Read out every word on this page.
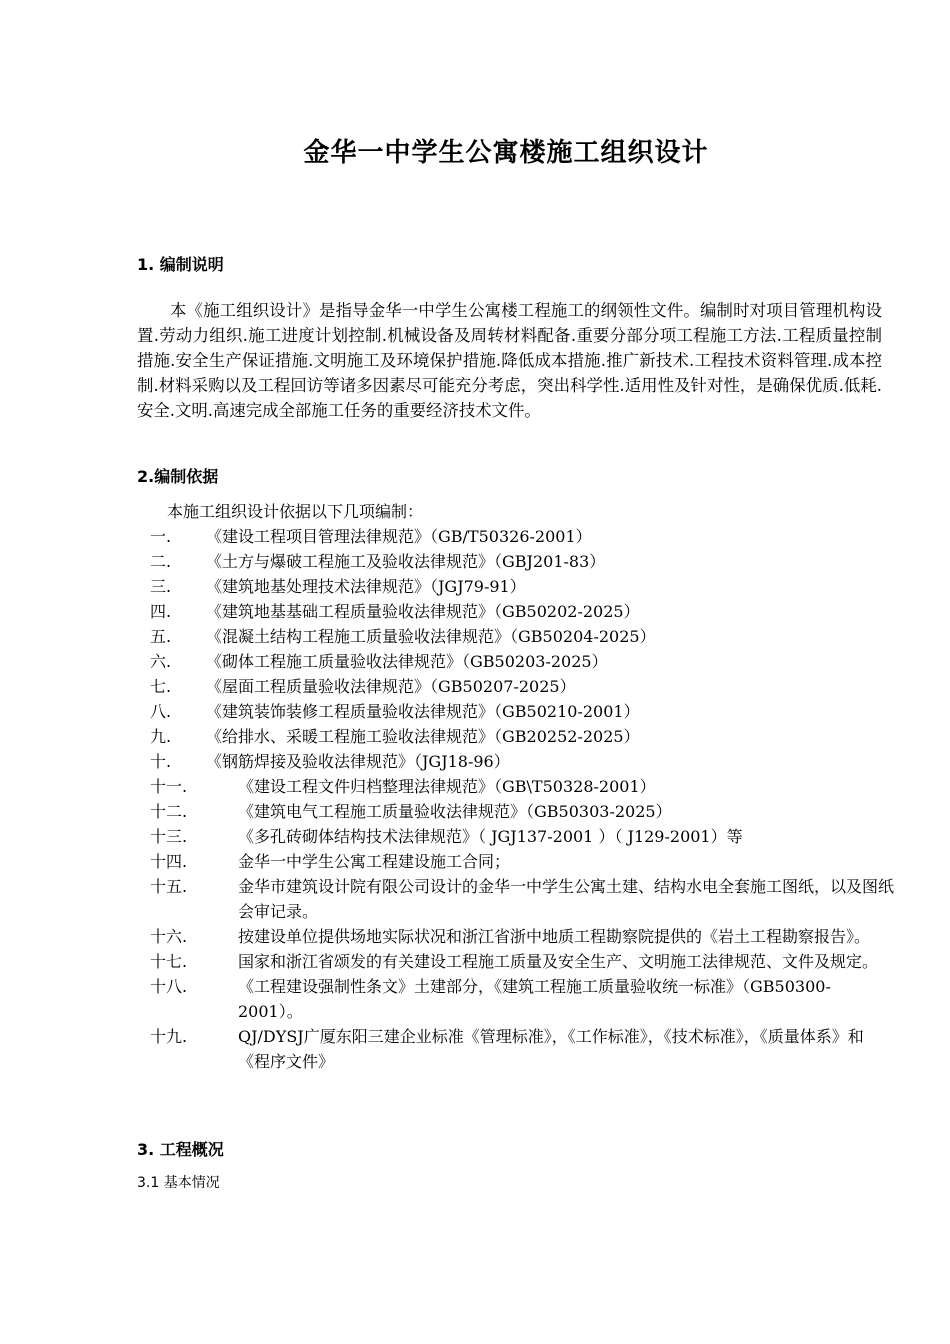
金华一中学生公寓楼施工组织设计
1. 编制说明
本《施工组织设计》是指导金华一中学生公寓楼工程施工的纲领性文件。编制时对项目管理机构设置.劳动力组织.施工进度计划控制.机械设备及周转材料配备.重要分部分项工程施工方法.工程质量控制措施.安全生产保证措施.文明施工及环境保护措施.降低成本措施.推广新技术.工程技术资料管理.成本控制.材料采购以及工程回访等诸多因素尽可能充分考虑，突出科学性.适用性及针对性，是确保优质.低耗.安全.文明.高速完成全部施工任务的重要经济技术文件。
2.编制依据
本施工组织设计依据以下几项编制：
一.	《建设工程项目管理法律规范》（GB/T50326-2001）
二.	《土方与爆破工程施工及验收法律规范》（GBJ201-83）
三.	《建筑地基处理技术法律规范》（JGJ79-91）
四.	《建筑地基基础工程质量验收法律规范》（GB50202-2025）
五.	《混凝土结构工程施工质量验收法律规范》（GB50204-2025）
六.	《砌体工程施工质量验收法律规范》（GB50203-2025）
七.	《屋面工程质量验收法律规范》（GB50207-2025）
八.	《建筑装饰装修工程质量验收法律规范》（GB50210-2001）
九.	《给排水、采暖工程施工验收法律规范》（GB20252-2025）
十.	《钢筋焊接及验收法律规范》（JGJ18-96）
十一.	《建设工程文件归档整理法律规范》（GB\T50328-2001）
十二.	《建筑电气工程施工质量验收法律规范》（GB50303-2025）
十三.	《多孔砖砌体结构技术法律规范》（ JGJ137-2001 ）（ J129-2001）等
十四.	金华一中学生公寓工程建设施工合同；
十五.	金华市建筑设计院有限公司设计的金华一中学生公寓土建、结构水电全套施工图纸，以及图纸会审记录。
十六.	按建设单位提供场地实际状况和浙江省浙中地质工程勘察院提供的《岩土工程勘察报告》。
十七.	国家和浙江省颂发的有关建设工程施工质量及安全生产、文明施工法律规范、文件及规定。
十八.	《工程建设强制性条文》土建部分，《建筑工程施工质量验收统一标准》（GB50300-2001）。
十九.	QJ/DYSJ广厦东阳三建企业标准《管理标准》，《工作标准》，《技术标准》，《质量体系》和《程序文件》
3. 工程概况
3.1 基本情况
